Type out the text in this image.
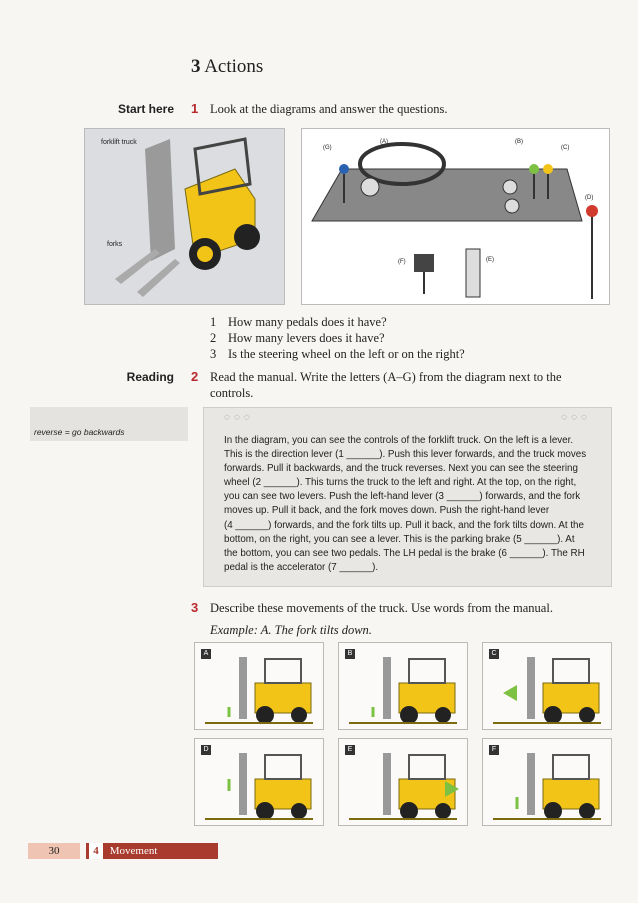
3 Actions
Start here 1 Look at the diagrams and answer the questions.
forklift truck
forks
(A)	(B)
(C)
(D)
(E)
(F)
(G)
1 How many pedals does it have?
2 How many levers does it have?
3 Is the steering wheel on the left or on the right?
Reading 2 Read the manual. Write the letters (A–G) from the diagram next to the
controls.
reverse = go backwards
◌◌◌	◌◌◌

In the diagram, you can see the controls of the forklift truck. On the left is a lever.

This is the direction lever (1 ______). Push this lever forwards, and the truck moves

forwards. Pull it backwards, and the truck reverses. Next you can see the steering

wheel (2 ______). This turns the truck to the left and right. At the top, on the right,

you can see two levers. Push the left-hand lever (3 ______) forwards, and the fork

moves up. Pull it back, and the fork moves down. Push the right-hand lever

(4 ______) forwards, and the fork tilts up. Pull it back, and the fork tilts down. At the

bottom, on the right, you can see a lever. This is the parking brake (5 ______). At

the bottom, you can see two pedals. The LH pedal is the brake (6 ______). The RH

pedal is the accelerator (7 ______).

3 Describe these movements of the truck. Use words from the manual.
Example: A. The fork tilts down.
A	B	C
D	E	F
30	4 Movement
